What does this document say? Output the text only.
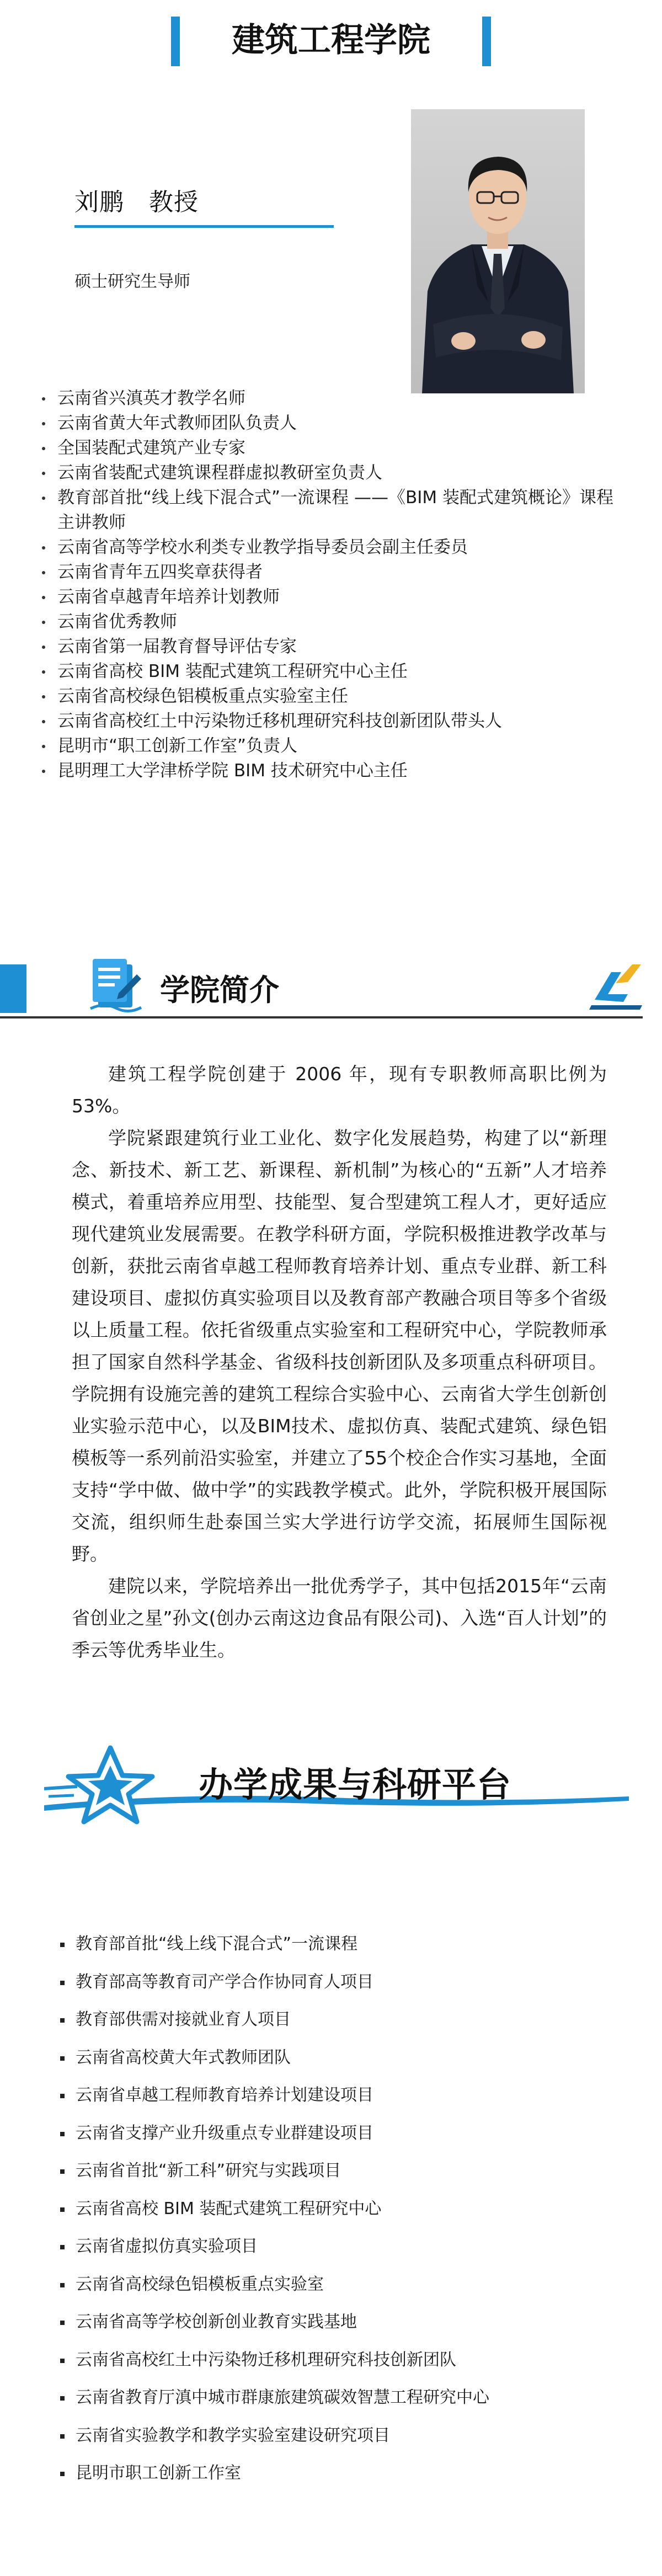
建筑工程学院
刘鹏   教授
硕士研究生导师
云南省兴滇英才教学名师
云南省黄大年式教师团队负责人
全国装配式建筑产业专家
云南省装配式建筑课程群虚拟教研室负责人
教育部首批“线上线下混合式”一流课程 ——《BIM 装配式建筑概论》课程主讲教师
云南省高等学校水利类专业教学指导委员会副主任委员
云南省青年五四奖章获得者
云南省卓越青年培养计划教师
云南省优秀教师
云南省第一届教育督导评估专家
云南省高校 BIM 装配式建筑工程研究中心主任
云南省高校绿色铝模板重点实验室主任
云南省高校红土中污染物迁移机理研究科技创新团队带头人
昆明市“职工创新工作室”负责人
昆明理工大学津桥学院 BIM 技术研究中心主任
学院简介

建筑工程学院创建于 2006 年，现有专职教师高职比例为 53%。

学院紧跟建筑行业工业化、数字化发展趋势，构建了以“新理念、新技术、新工艺、新课程、新机制”为核心的“五新”人才培养模式，着重培养应用型、技能型、复合型建筑工程人才，更好适应现代建筑业发展需要。在教学科研方面，学院积极推进教学改革与创新，获批云南省卓越工程师教育培养计划、重点专业群、新工科建设项目、虚拟仿真实验项目以及教育部产教融合项目等多个省级以上质量工程。依托省级重点实验室和工程研究中心，学院教师承担了国家自然科学基金、省级科技创新团队及多项重点科研项目。学院拥有设施完善的建筑工程综合实验中心、云南省大学生创新创业实验示范中心，以及BIM技术、虚拟仿真、装配式建筑、绿色铝模板等一系列前沿实验室，并建立了55个校企合作实习基地，全面支持“学中做、做中学”的实践教学模式。此外，学院积极开展国际交流，组织师生赴泰国兰实大学进行访学交流，拓展师生国际视野。

建院以来，学院培养出一批优秀学子，其中包括2015年“云南省创业之星”孙文(创办云南这边食品有限公司)、入选“百人计划”的季云等优秀毕业生。

办学成果与科研平台
教育部首批“线上线下混合式”一流课程
教育部高等教育司产学合作协同育人项目
教育部供需对接就业育人项目
云南省高校黄大年式教师团队
云南省卓越工程师教育培养计划建设项目
云南省支撑产业升级重点专业群建设项目
云南省首批“新工科”研究与实践项目
云南省高校 BIM 装配式建筑工程研究中心
云南省虚拟仿真实验项目
云南省高校绿色铝模板重点实验室
云南省高等学校创新创业教育实践基地
云南省高校红土中污染物迁移机理研究科技创新团队
云南省教育厅滇中城市群康旅建筑碳效智慧工程研究中心
云南省实验教学和教学实验室建设研究项目
昆明市职工创新工作室
